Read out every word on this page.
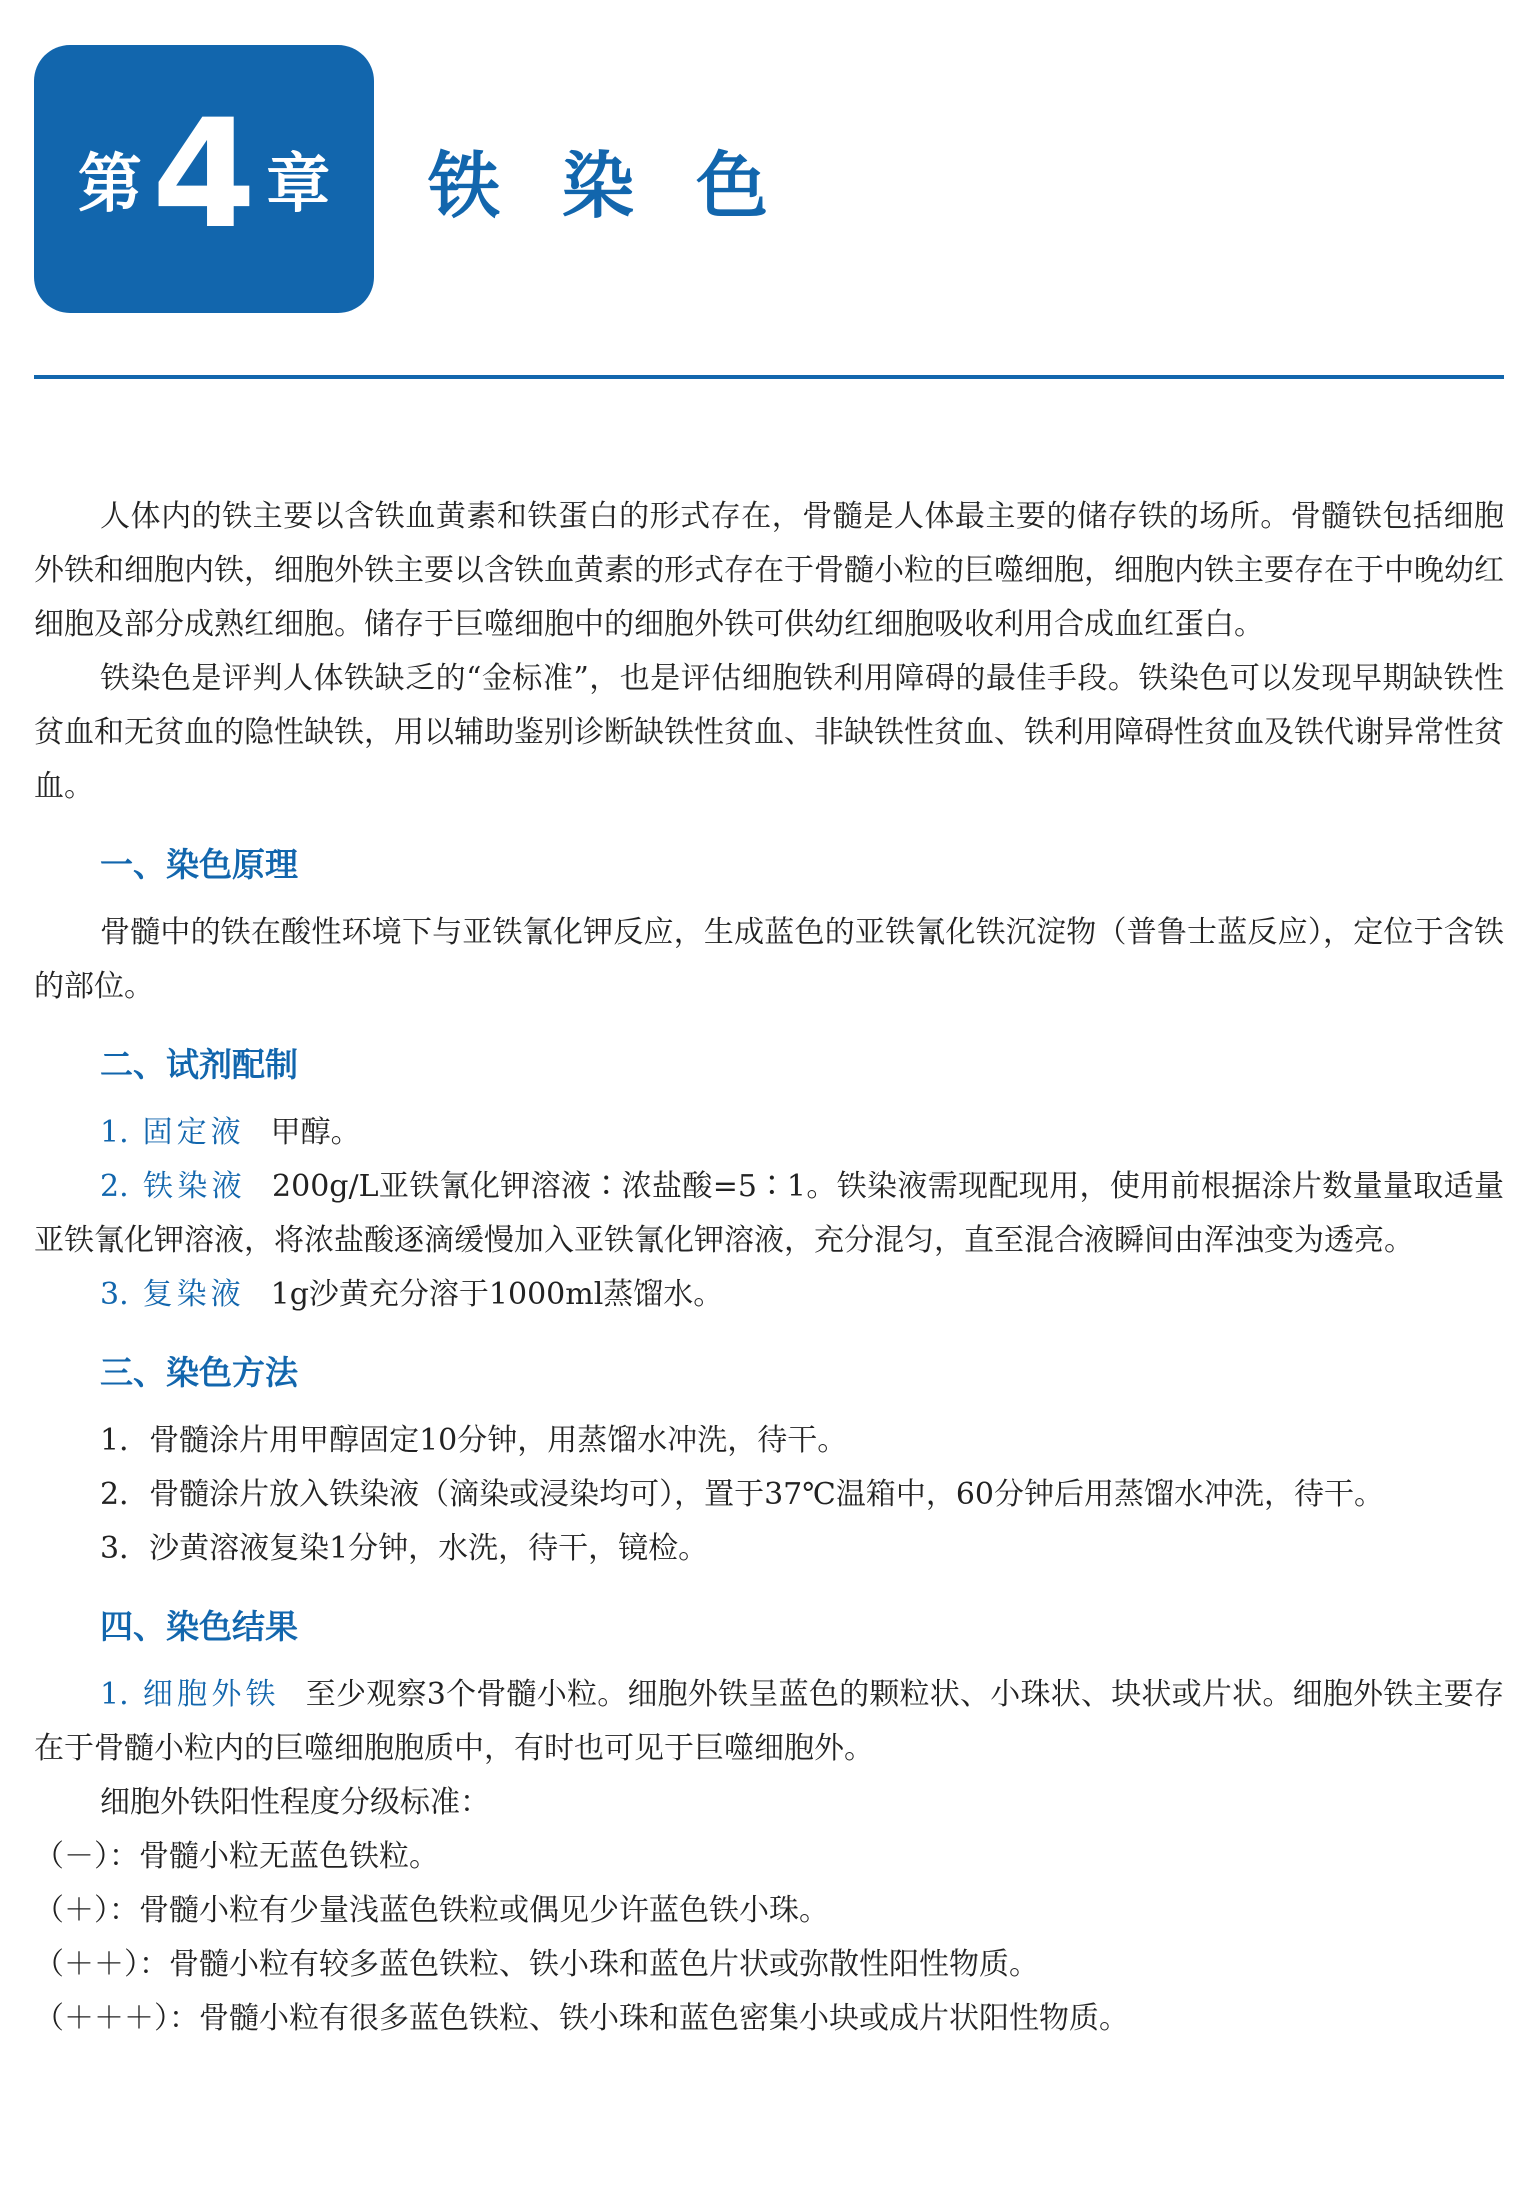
第 4 章 铁染色

人体内的铁主要以含铁血黄素和铁蛋白的形式存在，骨髓是人体最主要的储存铁的场所。骨髓铁包括细胞外铁和细胞内铁，细胞外铁主要以含铁血黄素的形式存在于骨髓小粒的巨噬细胞，细胞内铁主要存在于中晚幼红细胞及部分成熟红细胞。储存于巨噬细胞中的细胞外铁可供幼红细胞吸收利用合成血红蛋白。

铁染色是评判人体铁缺乏的“金标准”，也是评估细胞铁利用障碍的最佳手段。铁染色可以发现早期缺铁性贫血和无贫血的隐性缺铁，用以辅助鉴别诊断缺铁性贫血、非缺铁性贫血、铁利用障碍性贫血及铁代谢异常性贫血。

一、染色原理

骨髓中的铁在酸性环境下与亚铁氰化钾反应，生成蓝色的亚铁氰化铁沉淀物（普鲁士蓝反应），定位于含铁的部位。

二、试剂配制

1. 固定液 甲醇。

2. 铁染液 200g/L亚铁氰化钾溶液∶浓盐酸=5∶1。铁染液需现配现用，使用前根据涂片数量量取适量亚铁氰化钾溶液，将浓盐酸逐滴缓慢加入亚铁氰化钾溶液，充分混匀，直至混合液瞬间由浑浊变为透亮。

3. 复染液 1g沙黄充分溶于1000ml蒸馏水。

三、染色方法

1．骨髓涂片用甲醇固定10分钟，用蒸馏水冲洗，待干。

2．骨髓涂片放入铁染液（滴染或浸染均可），置于37℃温箱中，60分钟后用蒸馏水冲洗，待干。

3．沙黄溶液复染1分钟，水洗，待干，镜检。

四、染色结果

1. 细胞外铁 至少观察3个骨髓小粒。细胞外铁呈蓝色的颗粒状、小珠状、块状或片状。细胞外铁主要存在于骨髓小粒内的巨噬细胞胞质中，有时也可见于巨噬细胞外。

细胞外铁阳性程度分级标准：

（－）：骨髓小粒无蓝色铁粒。

（＋）：骨髓小粒有少量浅蓝色铁粒或偶见少许蓝色铁小珠。

（＋＋）：骨髓小粒有较多蓝色铁粒、铁小珠和蓝色片状或弥散性阳性物质。

（＋＋＋）：骨髓小粒有很多蓝色铁粒、铁小珠和蓝色密集小块或成片状阳性物质。
